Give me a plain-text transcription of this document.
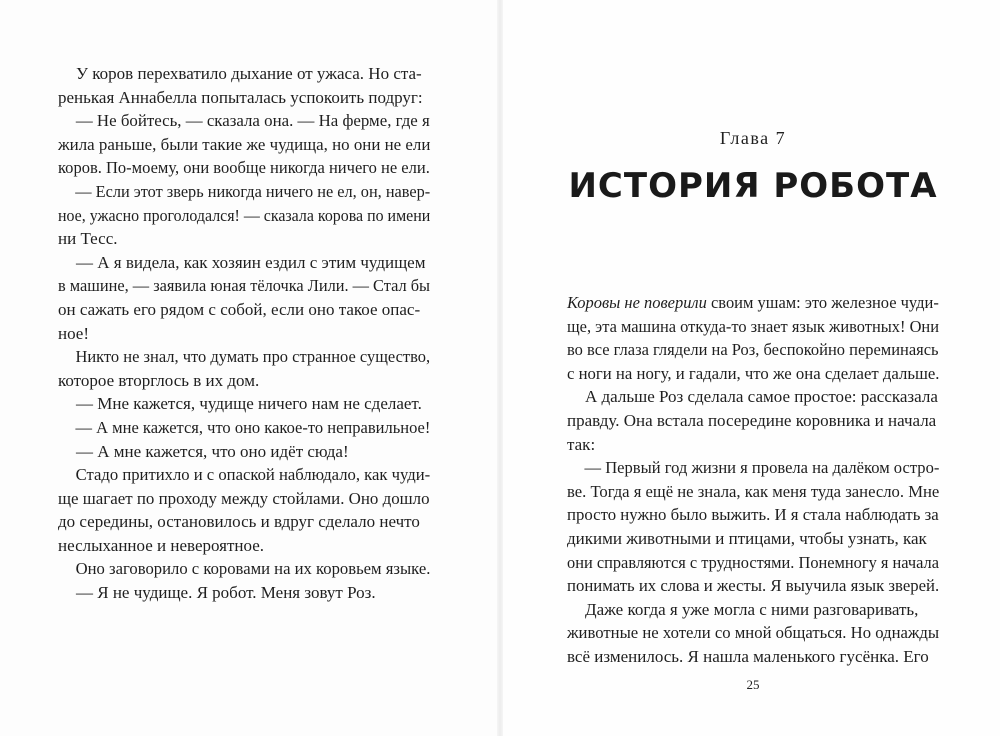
У коров перехватило дыхание от ужаса. Но ста-
ренькая Аннабелла попыталась успокоить подруг:
— Не бойтесь, — сказала она. — На ферме, где я
жила раньше, были такие же чудища, но они не ели
коров. По-моему, они вообще никогда ничего не ели.
— Если этот зверь никогда ничего не ел, он, навер-
ное, ужасно проголодался! — сказала корова по имени
ни Тесс.
— А я видела, как хозяин ездил с этим чудищем
в машине, — заявила юная тёлочка Лили. — Стал бы
он сажать его рядом с собой, если оно такое опас-
ное!
Никто не знал, что думать про странное существо,
которое вторглось в их дом.
— Мне кажется, чудище ничего нам не сделает.
— А мне кажется, что оно какое-то неправильное!
— А мне кажется, что оно идёт сюда!
Стадо притихло и с опаской наблюдало, как чуди-
ще шагает по проходу между стойлами. Оно дошло
до середины, остановилось и вдруг сделало нечто
неслыханное и невероятное.
Оно заговорило с коровами на их коровьем языке.
— Я не чудище. Я робот. Меня зовут Роз.
Глава 7
ИСТОРИЯ РОБОТА
Коровы не поверили своим ушам: это железное чуди-
ще, эта машина откуда-то знает язык животных! Они
во все глаза глядели на Роз, беспокойно переминаясь
с ноги на ногу, и гадали, что же она сделает дальше.
А дальше Роз сделала самое простое: рассказала
правду. Она встала посередине коровника и начала
так:
— Первый год жизни я провела на далёком остро-
ве. Тогда я ещё не знала, как меня туда занесло. Мне
просто нужно было выжить. И я стала наблюдать за
дикими животными и птицами, чтобы узнать, как
они справляются с трудностями. Понемногу я начала
понимать их слова и жесты. Я выучила язык зверей.
Даже когда я уже могла с ними разговаривать,
животные не хотели со мной общаться. Но однажды
всё изменилось. Я нашла маленького гусёнка. Его
25
